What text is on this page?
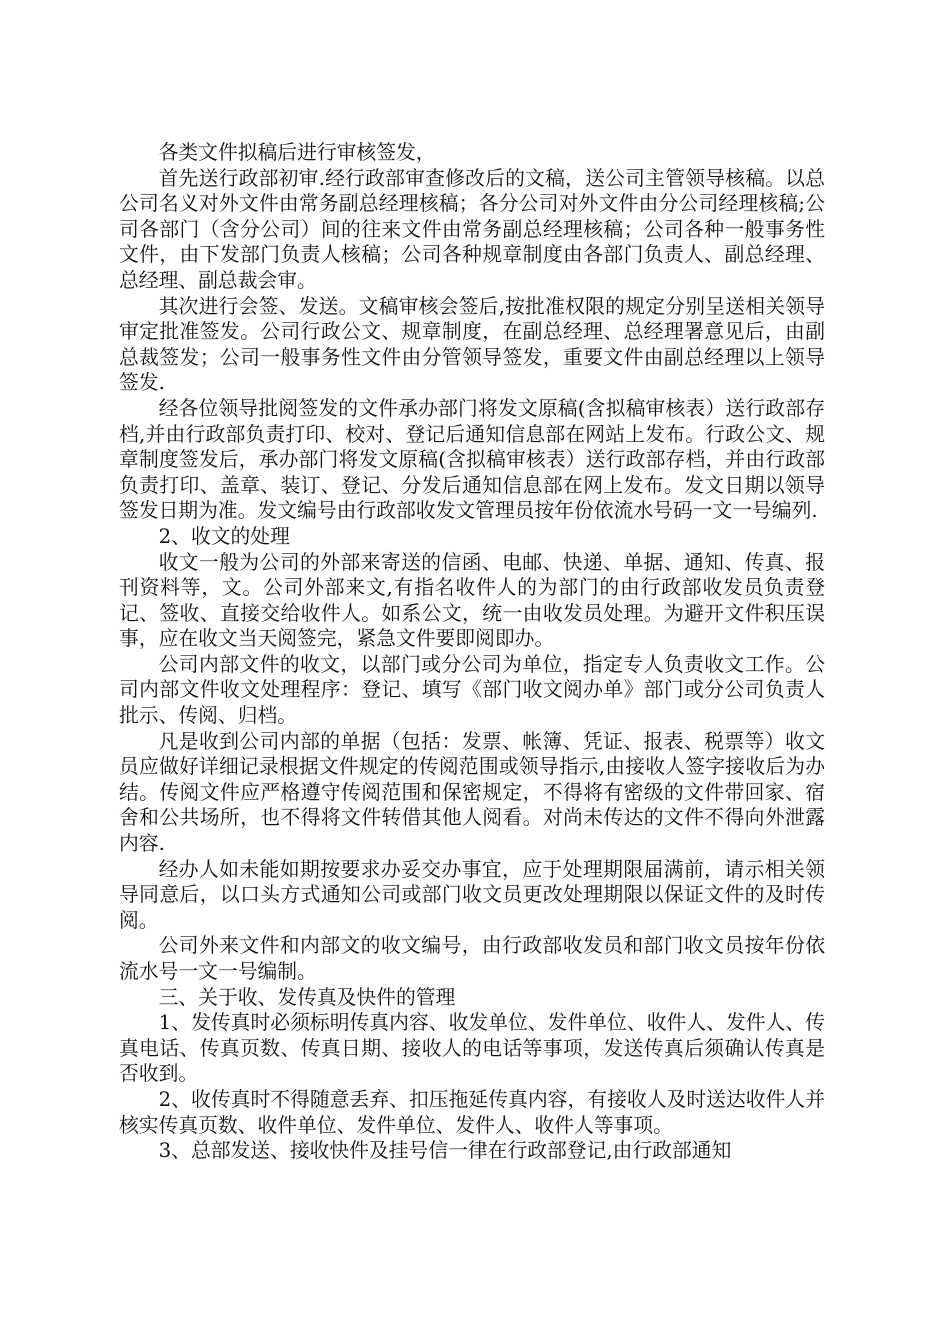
各类文件拟稿后进行审核签发，

首先送行政部初审.经行政部审查修改后的文稿，送公司主管领导核稿。以总公司名义对外文件由常务副总经理核稿；各分公司对外文件由分公司经理核稿;公司各部门（含分公司）间的往来文件由常务副总经理核稿；公司各种一般事务性文件，由下发部门负责人核稿；公司各种规章制度由各部门负责人、副总经理、总经理、副总裁会审。

其次进行会签、发送。文稿审核会签后,按批准权限的规定分别呈送相关领导审定批准签发。公司行政公文、规章制度，在副总经理、总经理署意见后，由副总裁签发；公司一般事务性文件由分管领导签发，重要文件由副总经理以上领导签发.

经各位领导批阅签发的文件承办部门将发文原稿(含拟稿审核表）送行政部存档,并由行政部负责打印、校对、登记后通知信息部在网站上发布。行政公文、规章制度签发后，承办部门将发文原稿(含拟稿审核表）送行政部存档，并由行政部负责打印、盖章、装订、登记、分发后通知信息部在网上发布。发文日期以领导签发日期为准。发文编号由行政部收发文管理员按年份依流水号码一文一号编列.

2、收文的处理

收文一般为公司的外部来寄送的信函、电邮、快递、单据、通知、传真、报刊资料等，文。公司外部来文,有指名收件人的为部门的由行政部收发员负责登记、签收、直接交给收件人。如系公文，统一由收发员处理。为避开文件积压误事，应在收文当天阅签完，紧急文件要即阅即办。

公司内部文件的收文，以部门或分公司为单位，指定专人负责收文工作。公司内部文件收文处理程序：登记、填写《部门收文阅办单》部门或分公司负责人批示、传阅、归档。

凡是收到公司内部的单据（包括：发票、帐簿、凭证、报表、税票等）收文员应做好详细记录根据文件规定的传阅范围或领导指示,由接收人签字接收后为办结。传阅文件应严格遵守传阅范围和保密规定，不得将有密级的文件带回家、宿舍和公共场所，也不得将文件转借其他人阅看。对尚未传达的文件不得向外泄露内容.

经办人如未能如期按要求办妥交办事宜，应于处理期限届满前，请示相关领导同意后，以口头方式通知公司或部门收文员更改处理期限以保证文件的及时传阅。

公司外来文件和内部文的收文编号，由行政部收发员和部门收文员按年份依流水号一文一号编制。

三、关于收、发传真及快件的管理

1、发传真时必须标明传真内容、收发单位、发件单位、收件人、发件人、传真电话、传真页数、传真日期、接收人的电话等事项，发送传真后须确认传真是否收到。

2、收传真时不得随意丢弃、扣压拖延传真内容，有接收人及时送达收件人并核实传真页数、收件单位、发件单位、发件人、收件人等事项。

3、总部发送、接收快件及挂号信一律在行政部登记,由行政部通知
